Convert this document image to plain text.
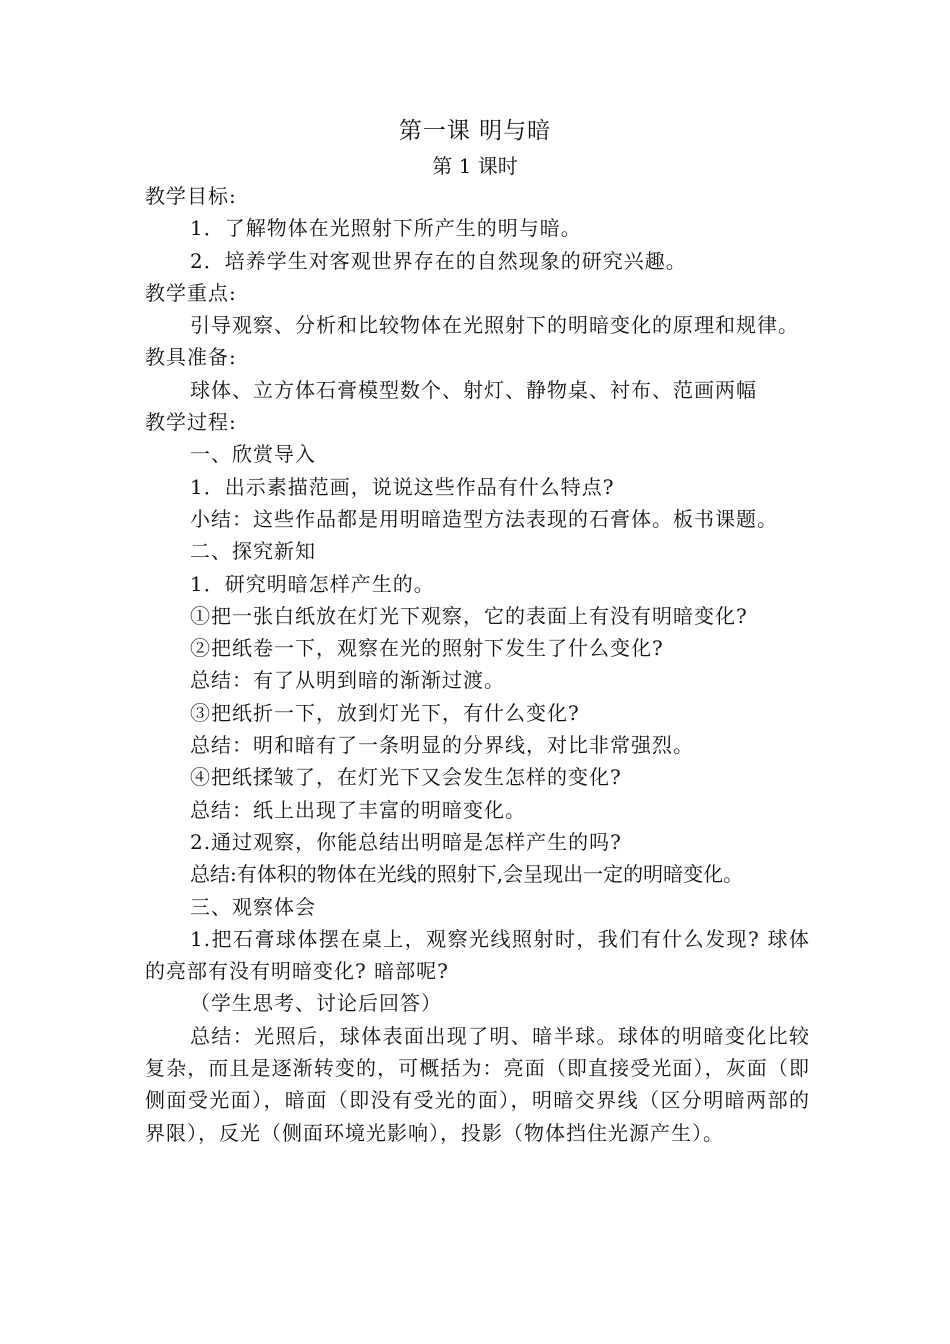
第一课 明与暗
第 1 课时
教学目标:
1．了解物体在光照射下所产生的明与暗。
2．培养学生对客观世界存在的自然现象的研究兴趣。
教学重点:
引导观察、分析和比较物体在光照射下的明暗变化的原理和规律。
教具准备:
球体、立方体石膏模型数个、射灯、静物桌、衬布、范画两幅
教学过程:
一、欣赏导入
1．出示素描范画，说说这些作品有什么特点?
小结：这些作品都是用明暗造型方法表现的石膏体。板书课题。
二、探究新知
1．研究明暗怎样产生的。
①把一张白纸放在灯光下观察，它的表面上有没有明暗变化?
②把纸卷一下，观察在光的照射下发生了什么变化?
总结：有了从明到暗的渐渐过渡。
③把纸折一下，放到灯光下，有什么变化?
总结：明和暗有了一条明显的分界线，对比非常强烈。
④把纸揉皱了，在灯光下又会发生怎样的变化?
总结：纸上出现了丰富的明暗变化。
2.通过观察，你能总结出明暗是怎样产生的吗?
总结:有体积的物体在光线的照射下,会呈现出一定的明暗变化。
三、观察体会
1.把石膏球体摆在桌上，观察光线照射时，我们有什么发现? 球体的亮部有没有明暗变化? 暗部呢?
（学生思考、讨论后回答）
总结：光照后，球体表面出现了明、暗半球。球体的明暗变化比较复杂，而且是逐渐转变的，可概括为：亮面（即直接受光面），灰面（即侧面受光面），暗面（即没有受光的面），明暗交界线（区分明暗两部的界限），反光（侧面环境光影响），投影（物体挡住光源产生）。
